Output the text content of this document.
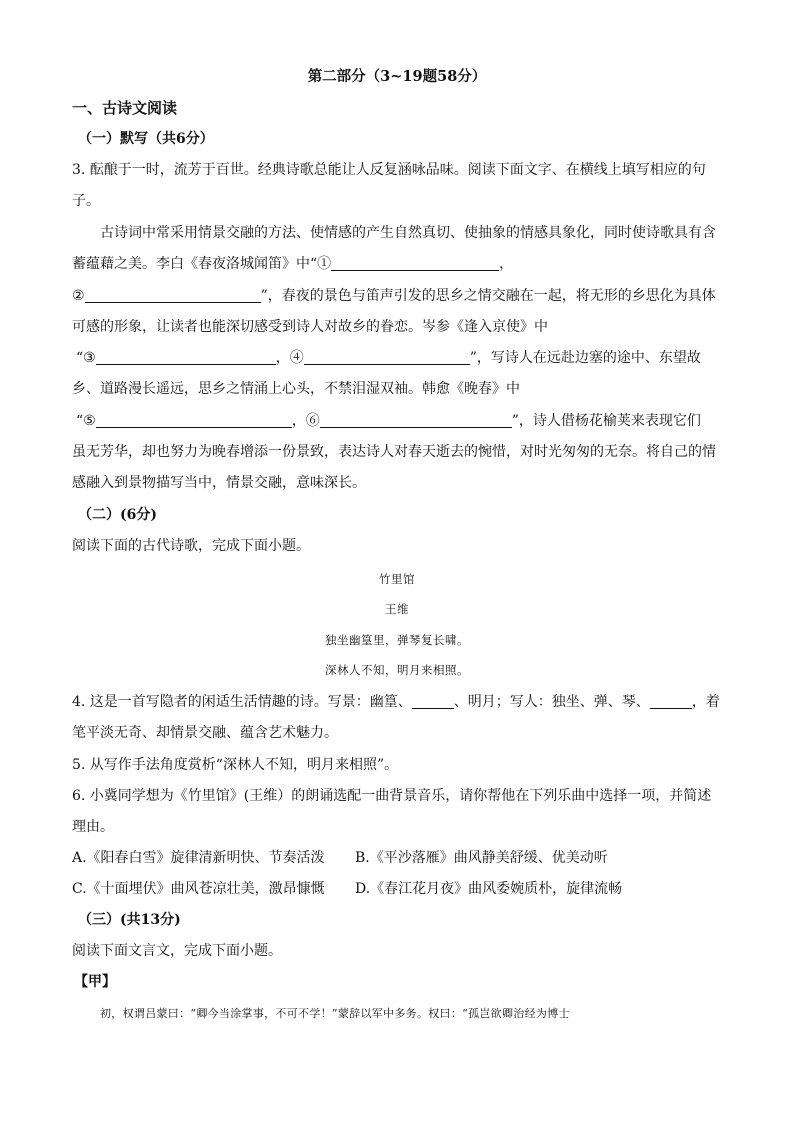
第二部分（3~19题58分）
一、古诗文阅读
（一）默写（共6分）
3. 酝酿于一时，流芳于百世。经典诗歌总能让人反复涵咏品味。阅读下面文字、在横线上填写相应的句
子。
古诗词中常采用情景交融的方法、使情感的产生自然真切、使抽象的情感具象化，同时使诗歌具有含
蓄蕴藉之美。李白《春夜洛城闻笛》中“①	，
②	”，春夜的景色与笛声引发的思乡之情交融在一起，将无形的乡思化为具体
可感的形象，让读者也能深切感受到诗人对故乡的眷恋。岑参《逢入京使》中
“③	，④	”，写诗人在远赴边塞的途中、东望故
乡、道路漫长遥远，思乡之情涌上心头，不禁泪湿双袖。韩愈《晚春》中
“⑤	，⑥	”，诗人借杨花榆荚来表现它们
虽无芳华，却也努力为晚春增添一份景致，表达诗人对春天逝去的惋惜，对时光匆匆的无奈。将自己的情
感融入到景物描写当中，情景交融，意味深长。
（二）(6分)
阅读下面的古代诗歌，完成下面小题。
竹里馆
王维
独坐幽篁里，弹琴复长啸。
深林人不知，明月来相照。
4. 这是一首写隐者的闲适生活情趣的诗。写景：幽篁、	、明月；写人：独坐、弹、琴、	，着
笔平淡无奇、却情景交融、蕴含艺术魅力。
5. 从写作手法角度赏析“深林人不知，明月来相照”。
6. 小冀同学想为《竹里馆》(王维）的朗诵选配一曲背景音乐，请你帮他在下列乐曲中选择一项，并简述
理由。
A.《阳春白雪》旋律清新明快、节奏活泼 B.《平沙落雁》曲风静美舒缓、优美动听
C.《十面埋伏》曲风苍凉壮美，激昂慷慨 D.《春江花月夜》曲风委婉质朴，旋律流畅
（三）(共13分)
阅读下面文言文，完成下面小题。
【甲】
初，权谓吕蒙曰：“卿今当涂掌事，不可不学！”蒙辞以军中多务。权曰：“孤岂欲卿治经为博士
